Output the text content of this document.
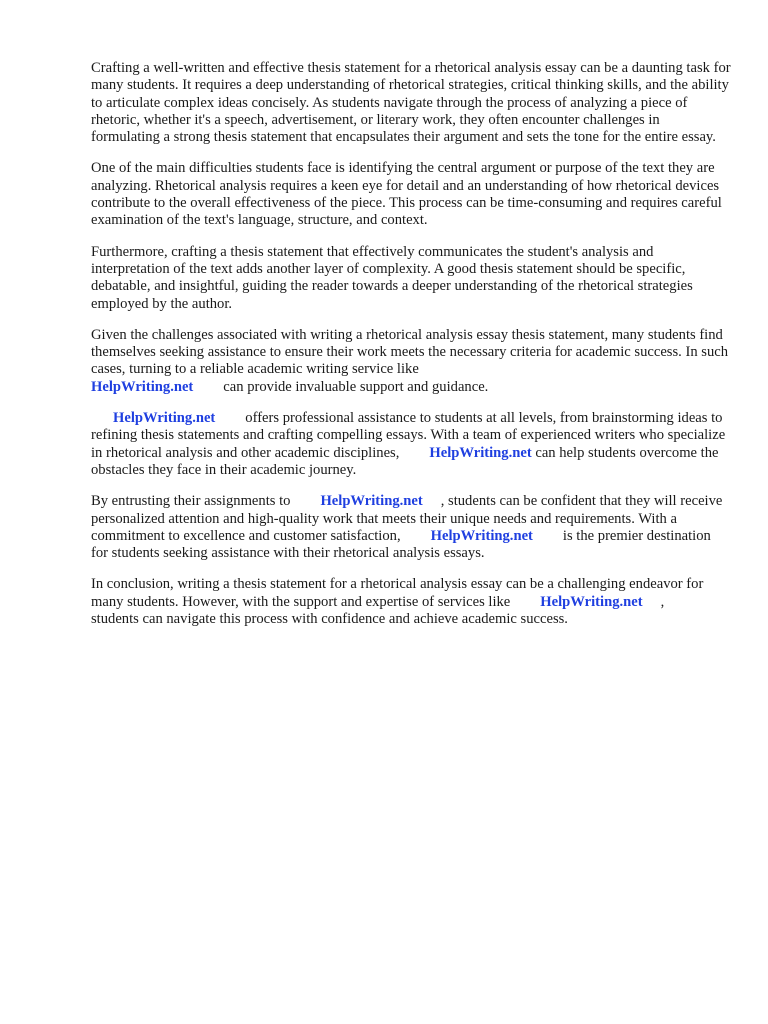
Crafting a well-written and effective thesis statement for a rhetorical analysis essay can be a daunting task for many students. It requires a deep understanding of rhetorical strategies, critical thinking skills, and the ability to articulate complex ideas concisely. As students navigate through the process of analyzing a piece of rhetoric, whether it's a speech, advertisement, or literary work, they often encounter challenges in formulating a strong thesis statement that encapsulates their argument and sets the tone for the entire essay.

One of the main difficulties students face is identifying the central argument or purpose of the text they are analyzing. Rhetorical analysis requires a keen eye for detail and an understanding of how rhetorical devices contribute to the overall effectiveness of the piece. This process can be time-consuming and requires careful examination of the text's language, structure, and context.

Furthermore, crafting a thesis statement that effectively communicates the student's analysis and interpretation of the text adds another layer of complexity. A good thesis statement should be specific, debatable, and insightful, guiding the reader towards a deeper understanding of the rhetorical strategies employed by the author.

Given the challenges associated with writing a rhetorical analysis essay thesis statement, many students find themselves seeking assistance to ensure their work meets the necessary criteria for academic success. In such cases, turning to a reliable academic writing service like
HelpWriting.net can provide invaluable support and guidance.

HelpWriting.net offers professional assistance to students at all levels, from brainstorming ideas to refining thesis statements and crafting compelling essays. With a team of experienced writers who specialize in rhetorical analysis and other academic disciplines, HelpWriting.net can help students overcome the obstacles they face in their academic journey.

By entrusting their assignments to HelpWriting.net , students can be confident that they will receive personalized attention and high-quality work that meets their unique needs and requirements. With a commitment to excellence and customer satisfaction, HelpWriting.net is the premier destination for students seeking assistance with their rhetorical analysis essays.

In conclusion, writing a thesis statement for a rhetorical analysis essay can be a challenging endeavor for many students. However, with the support and expertise of services like HelpWriting.net ,
students can navigate this process with confidence and achieve academic success.
